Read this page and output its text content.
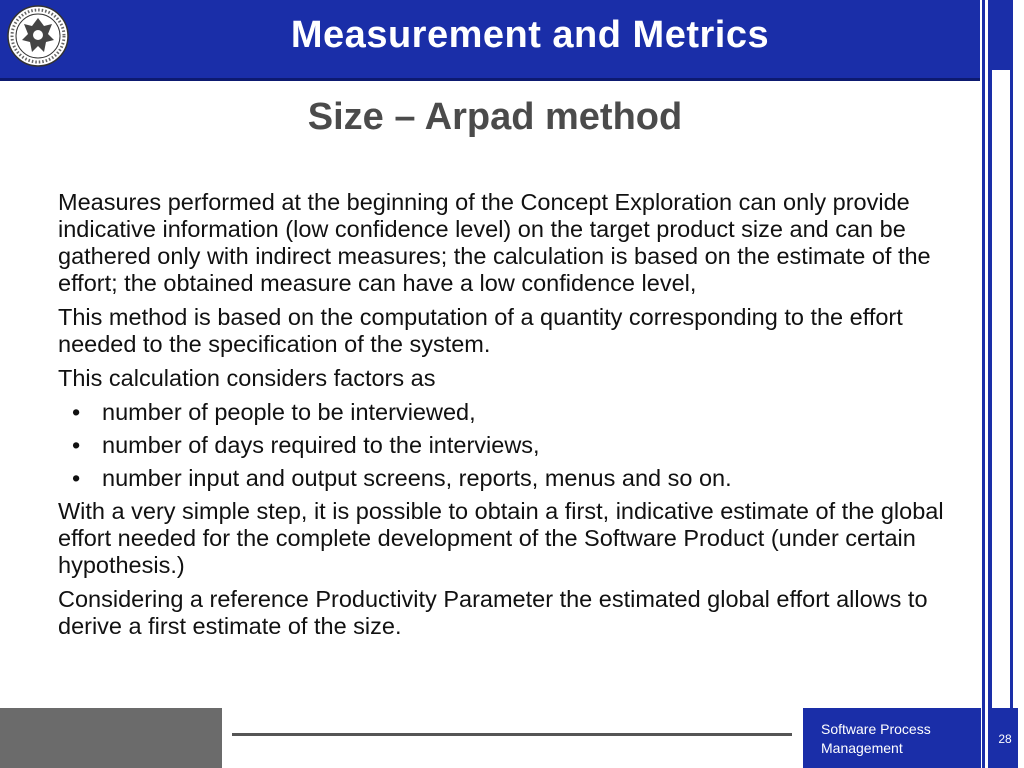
Measurement and Metrics
Size – Arpad method

Measures performed at the beginning of the Concept Exploration can only provide indicative information (low confidence level) on the target product size and can be gathered only with indirect measures; the calculation is based on the estimate of the effort; the obtained measure can have a low confidence level,

This method is based on the computation of a quantity corresponding to the effort needed to the specification of the system.

This calculation considers factors as

• number of people to be interviewed,
• number of days required to the interviews,
• number input and output screens, reports, menus and so on.

With a very simple step, it is possible to obtain a first, indicative estimate of the global effort needed for the complete development of the Software Product (under certain hypothesis.)

Considering a reference Productivity Parameter the estimated global effort allows to derive a first estimate of the size.

Software Process
Management
28
